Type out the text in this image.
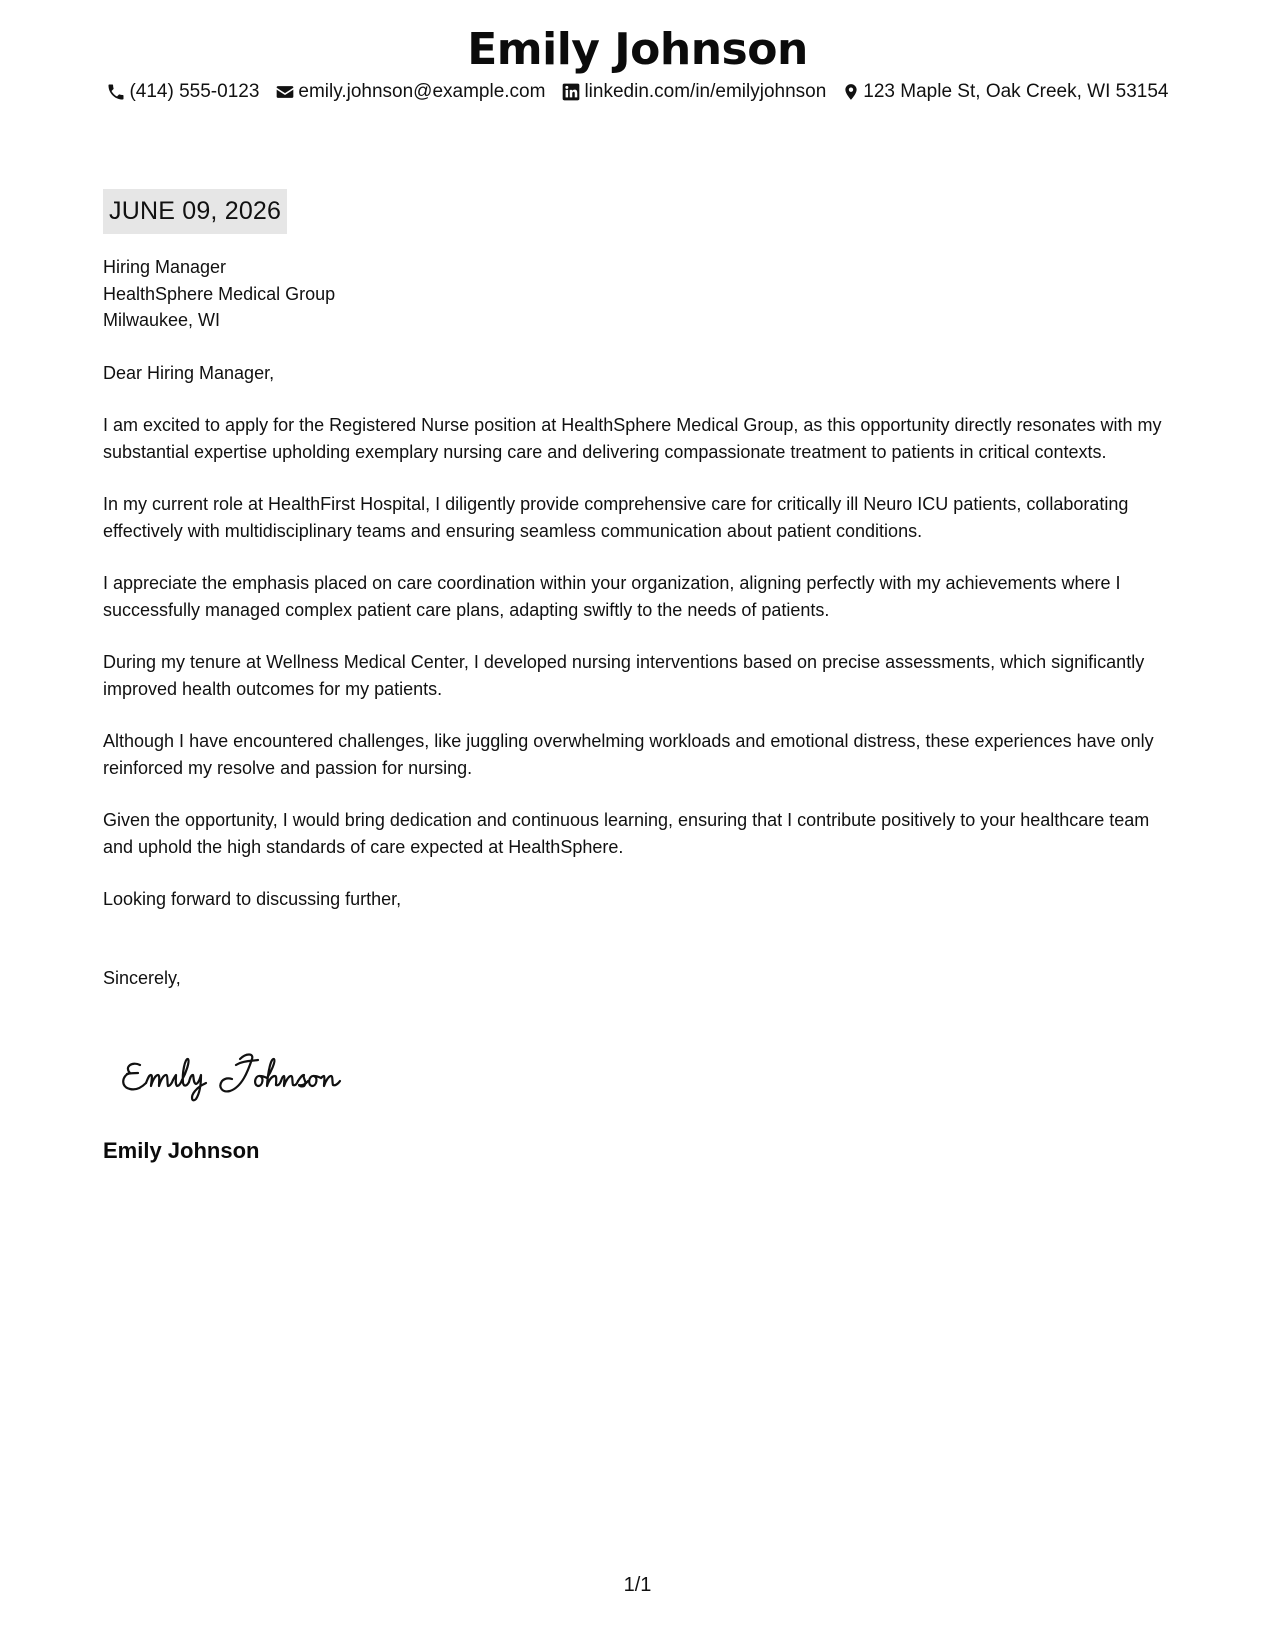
Emily Johnson
(414) 555-0123 emily.johnson@example.com linkedin.com/in/emilyjohnson 123 Maple St, Oak Creek, WI 53154
JUNE 09, 2026

Hiring Manager

HealthSphere Medical Group

Milwaukee, WI

Dear Hiring Manager,

I am excited to apply for the Registered Nurse position at HealthSphere Medical Group, as this opportunity directly resonates with my substantial expertise upholding exemplary nursing care and delivering compassionate treatment to patients in critical contexts.

In my current role at HealthFirst Hospital, I diligently provide comprehensive care for critically ill Neuro ICU patients, collaborating effectively with multidisciplinary teams and ensuring seamless communication about patient conditions.

I appreciate the emphasis placed on care coordination within your organization, aligning perfectly with my achievements where I successfully managed complex patient care plans, adapting swiftly to the needs of patients.

During my tenure at Wellness Medical Center, I developed nursing interventions based on precise assessments, which significantly improved health outcomes for my patients.

Although I have encountered challenges, like juggling overwhelming workloads and emotional distress, these experiences have only reinforced my resolve and passion for nursing.

Given the opportunity, I would bring dedication and continuous learning, ensuring that I contribute positively to your healthcare team and uphold the high standards of care expected at HealthSphere.

Looking forward to discussing further,

Sincerely,

Emily Johnson
1/1
